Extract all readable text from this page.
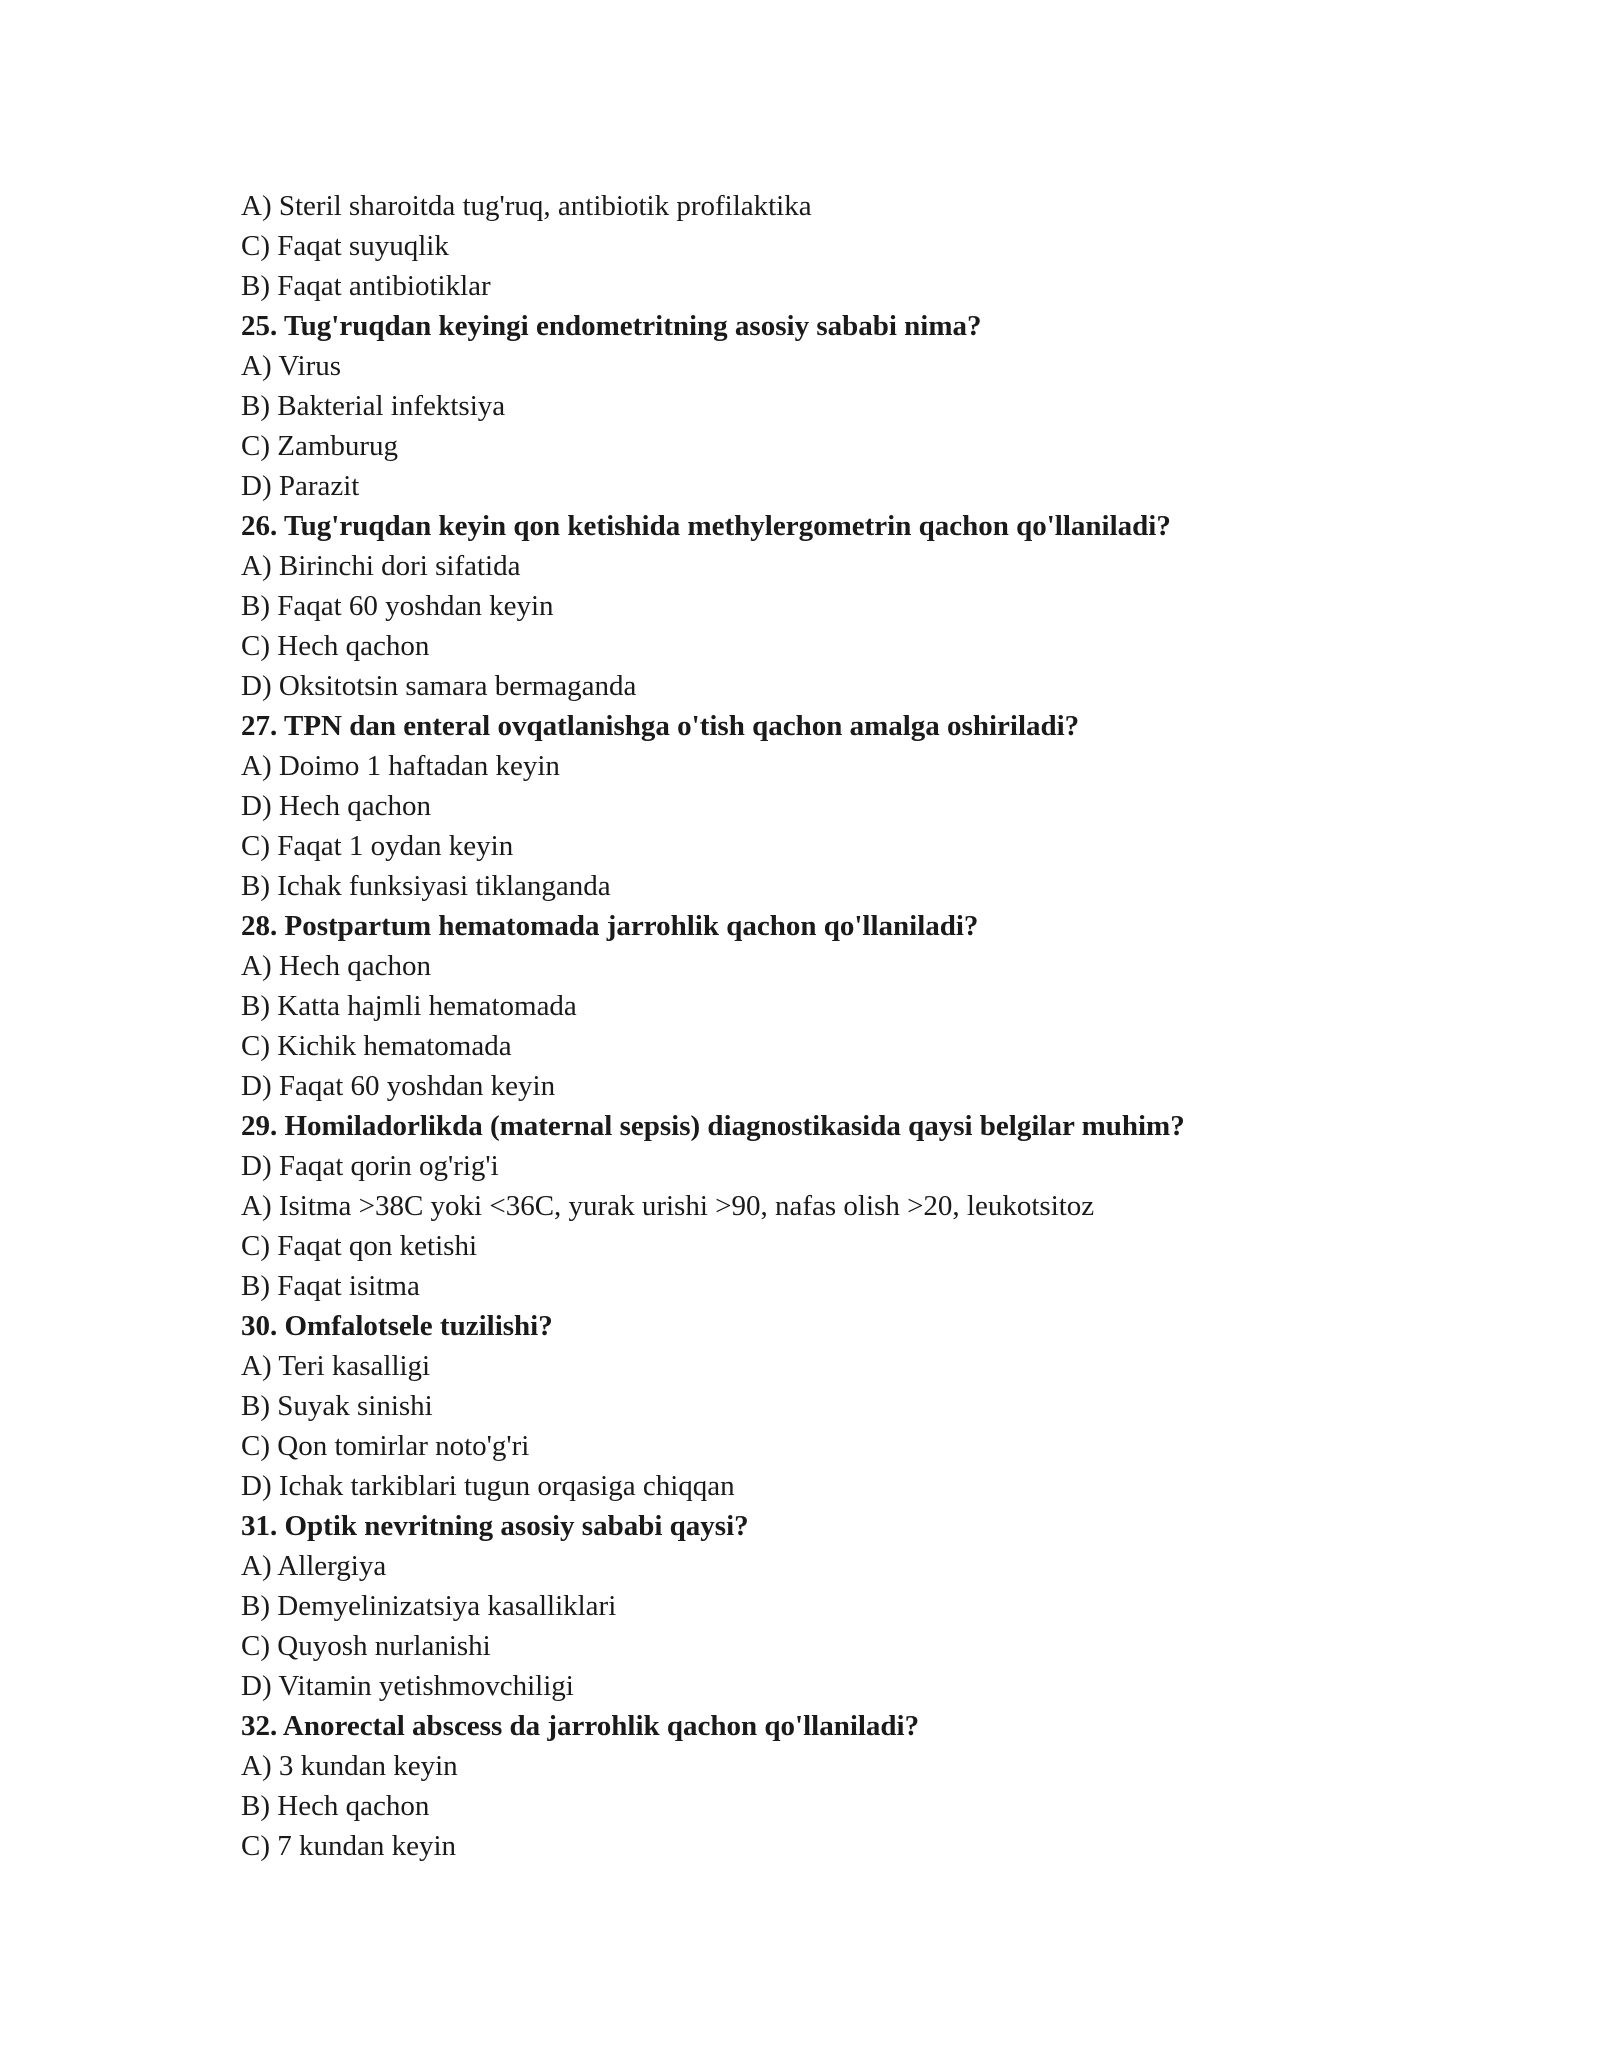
A) Steril sharoitda tug'ruq, antibiotik profilaktika
C) Faqat suyuqlik
B) Faqat antibiotiklar
25. Tug'ruqdan keyingi endometritning asosiy sababi nima?
A) Virus
B) Bakterial infektsiya
C) Zamburug
D) Parazit
26. Tug'ruqdan keyin qon ketishida methylergometrin qachon qo'llaniladi?
A) Birinchi dori sifatida
B) Faqat 60 yoshdan keyin
C) Hech qachon
D) Oksitotsin samara bermaganda
27. TPN dan enteral ovqatlanishga o'tish qachon amalga oshiriladi?
A) Doimo 1 haftadan keyin
D) Hech qachon
C) Faqat 1 oydan keyin
B) Ichak funksiyasi tiklanganda
28. Postpartum hematomada jarrohlik qachon qo'llaniladi?
A) Hech qachon
B) Katta hajmli hematomada
C) Kichik hematomada
D) Faqat 60 yoshdan keyin
29. Homiladorlikda (maternal sepsis) diagnostikasida qaysi belgilar muhim?
D) Faqat qorin og'rig'i
A) Isitma >38C yoki <36C, yurak urishi >90, nafas olish >20, leukotsitoz
C) Faqat qon ketishi
B) Faqat isitma
30. Omfalotsele tuzilishi?
A) Teri kasalligi
B) Suyak sinishi
C) Qon tomirlar noto'g'ri
D) Ichak tarkiblari tugun orqasiga chiqqan
31. Optik nevritning asosiy sababi qaysi?
A) Allergiya
B) Demyelinizatsiya kasalliklari
C) Quyosh nurlanishi
D) Vitamin yetishmovchiligi
32. Anorectal abscess da jarrohlik qachon qo'llaniladi?
A) 3 kundan keyin
B) Hech qachon
C) 7 kundan keyin
